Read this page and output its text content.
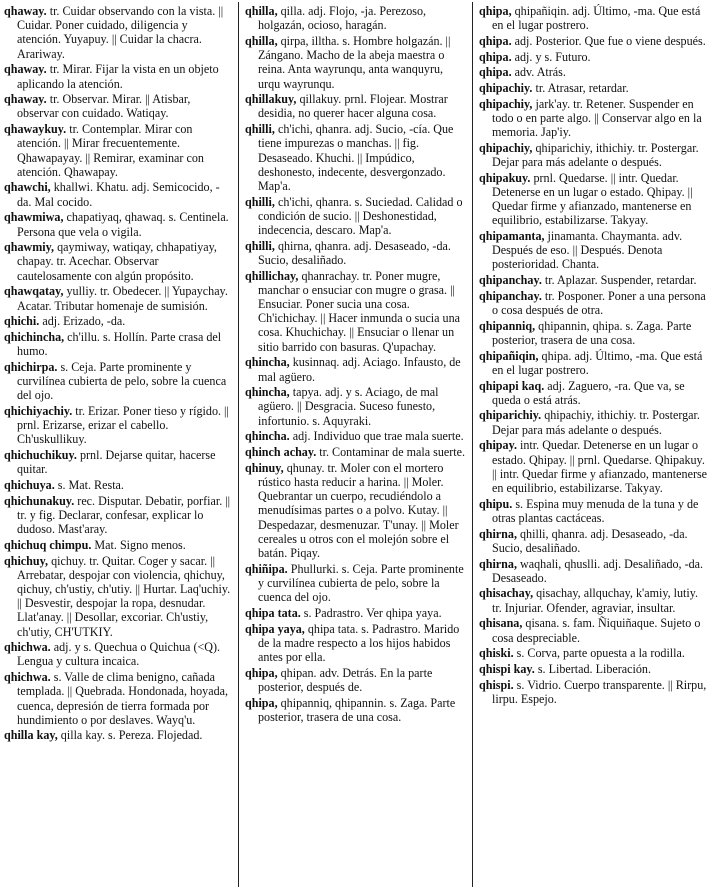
qhaway. tr. Cuidar observando con la vista. || Cuidar. Poner cuidado, diligencia y atención. Yuyapuy. || Cuidar la chacra. Arariway.
qhaway. tr. Mirar. Fijar la vista en un objeto aplicando la atención.
qhaway. tr. Observar. Mirar. || Atisbar, observar con cuidado. Watiqay.
qhawaykuy. tr. Contemplar. Mirar con atención. || Mirar frecuentemente. Qhawapayay. || Remirar, examinar con atención. Qhawapay.
qhawchi, khallwi. Khatu. adj. Semicocido, -da. Mal cocido.
qhawmiwa, chapatiyaq, qhawaq. s. Centinela. Persona que vela o vigila.
qhawmiy, qaymiway, watiqay, chhapatiyay, chapay. tr. Acechar. Observar cautelosamente con algún propósito.
qhawqatay, yulliy. tr. Obedecer. || Yupaychay. Acatar. Tributar homenaje de sumisión.
qhichi. adj. Erizado, -da.
qhichincha, ch'illu. s. Hollín. Parte crasa del humo.
qhichirpa. s. Ceja. Parte prominente y curvilínea cubierta de pelo, sobre la cuenca del ojo.
qhichiyachiy. tr. Erizar. Poner tieso y rígido. || prnl. Erizarse, erizar el cabello. Ch'uskullikuy.
qhichuchikuy. prnl. Dejarse quitar, hacerse quitar.
qhichuya. s. Mat. Resta.
qhichunakuy. rec. Disputar. Debatir, porfiar. || tr. y fig. Declarar, confesar, explicar lo dudoso. Mast'aray.
qhichuq chimpu. Mat. Signo menos.
qhichuy, qichuy. tr. Quitar. Coger y sacar. || Arrebatar, despojar con violencia, qhichuy, qichuy, ch'ustiy, ch'utiy. || Hurtar. Laq'uchiy. || Desvestir, despojar la ropa, desnudar. Llat'anay. || Desollar, excoriar. Ch'ustiy, ch'utiy, CH'UTKIY.
qhichwa. adj. y s. Quechua o Quichua (<Q). Lengua y cultura incaica.
qhichwa. s. Valle de clima benigno, cañada templada. || Quebrada. Hondonada, hoyada, cuenca, depresión de tierra formada por hundimiento o por deslaves. Wayq'u.
qhilla kay, qilla kay. s. Pereza. Flojedad.
qhilla, qilla. adj. Flojo, -ja. Perezoso, holgazán, ocioso, haragán.
qhilla, qirpa, illtha. s. Hombre holgazán. || Zángano. Macho de la abeja maestra o reina. Anta wayrunqu, anta wanquyru, urqu wayrunqu.
qhillakuy, qillakuy. prnl. Flojear. Mostrar desidia, no querer hacer alguna cosa.
qhilli, ch'ichi, qhanra. adj. Sucio, -cía. Que tiene impurezas o manchas. || fig. Desaseado. Khuchi. || Impúdico, deshonesto, indecente, desvergonzado. Map'a.
qhilli, ch'ichi, qhanra. s. Suciedad. Calidad o condición de sucio. || Deshonestidad, indecencia, descaro. Map'a.
qhilli, qhirna, qhanra. adj. Desaseado, -da. Sucio, desaliñado.
qhillichay, qhanrachay. tr. Poner mugre, manchar o ensuciar con mugre o grasa. || Ensuciar. Poner sucia una cosa. Ch'ichichay. || Hacer inmunda o sucia una cosa. Khuchichay. || Ensuciar o llenar un sitio barrido con basuras. Q'upachay.
qhincha, kusinnaq. adj. Aciago. Infausto, de mal agüero.
qhincha, tapya. adj. y s. Aciago, de mal agüero. || Desgracia. Suceso funesto, infortunio. s. Aquyraki.
qhincha. adj. Individuo que trae mala suerte.
qhinch achay. tr. Contaminar de mala suerte.
qhinuy, qhunay. tr. Moler con el mortero rústico hasta reducir a harina. || Moler. Quebrantar un cuerpo, recudiéndolo a menudísimas partes o a polvo. Kutay. || Despedazar, desmenuzar. T'unay. || Moler cereales u otros con el molejón sobre el batán. Piqay.
qhiñipa. Phullurki. s. Ceja. Parte prominente y curvilínea cubierta de pelo, sobre la cuenca del ojo.
qhipa tata. s. Padrastro. Ver qhipa yaya.
qhipa yaya, qhipa tata. s. Padrastro. Marido de la madre respecto a los hijos habidos antes por ella.
qhipa, qhipan. adv. Detrás. En la parte posterior, después de.
qhipa, qhipanniq, qhipannin. s. Zaga. Parte posterior, trasera de una cosa.
qhipa, qhipañiqin. adj. Último, -ma. Que está en el lugar postrero.
qhipa. adj. Posterior. Que fue o viene después.
qhipa. adj. y s. Futuro.
qhipa. adv. Atrás.
qhipachiy. tr. Atrasar, retardar.
qhipachiy, jark'ay. tr. Retener. Suspender en todo o en parte algo. || Conservar algo en la memoria. Jap'iy.
qhipachiy, qhiparichiy, ithichiy. tr. Postergar. Dejar para más adelante o después.
qhipakuy. prnl. Quedarse. || intr. Quedar. Detenerse en un lugar o estado. Qhipay. || Quedar firme y afianzado, mantenerse en equilibrio, estabilizarse. Takyay.
qhipamanta, jinamanta. Chaymanta. adv. Después de eso. || Después. Denota posterioridad. Chanta.
qhipanchay. tr. Aplazar. Suspender, retardar.
qhipanchay. tr. Posponer. Poner a una persona o cosa después de otra.
qhipanniq, qhipannin, qhipa. s. Zaga. Parte posterior, trasera de una cosa.
qhipañiqin, qhipa. adj. Último, -ma. Que está en el lugar postrero.
qhipapi kaq. adj. Zaguero, -ra. Que va, se queda o está atrás.
qhiparichiy. qhipachiy, ithichiy. tr. Postergar. Dejar para más adelante o después.
qhipay. intr. Quedar. Detenerse en un lugar o estado. Qhipay. || prnl. Quedarse. Qhipakuy. || intr. Quedar firme y afianzado, mantenerse en equilibrio, estabilizarse. Takyay.
qhipu. s. Espina muy menuda de la tuna y de otras plantas cactáceas.
qhirna, qhilli, qhanra. adj. Desaseado, -da. Sucio, desaliñado.
qhirna, waqhali, qhuslli. adj. Desaliñado, -da. Desaseado.
qhisachay, qisachay, allquchay, k'amiy, lutiy. tr. Injuriar. Ofender, agraviar, insultar.
qhisana, qisana. s. fam. Ñiquiñaque. Sujeto o cosa despreciable.
qhiski. s. Corva, parte opuesta a la rodilla.
qhispi kay. s. Libertad. Liberación.
qhispi. s. Vidrio. Cuerpo transparente. || Rirpu, lirpu. Espejo.
